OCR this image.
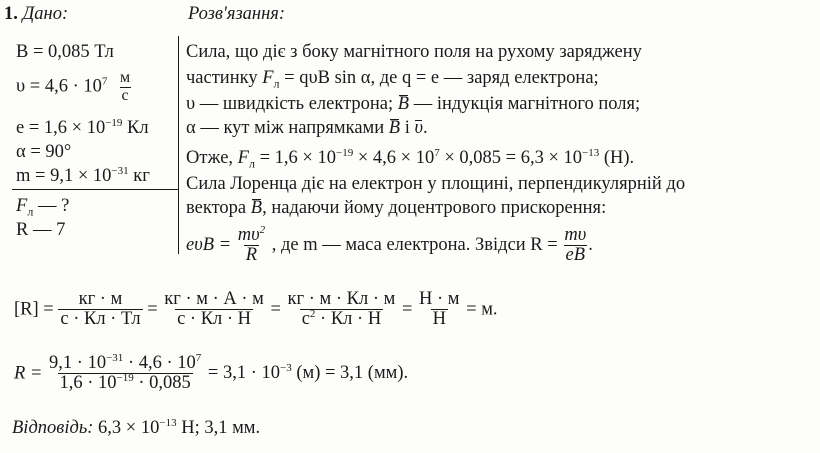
1. Дано:	Розв'язання:
B = 0,085 Тл
$\upsilon = 4,6 \cdot 10^7 \frac{м}{с}$
$e = 1,6 \times 10^{-19}$ Кл
α = 90°
$m = 9,1 \times 10^{-31}$ кг
$F_л$ — ?
R — 7
Сила, що діє з боку магнітного поля на рухому заряджену
частинку $F_л = q\upsilon B$ sin α, де q = e — заряд електрона;
υ — швидкість електрона; B — індукція магнітного поля;
α — кут між напрямками B і υ.
Отже, $F_л = 1,6 \times 10^{-19} \times 4,6 \times 10^7 \times 0,085 = 6,3 \times 10^{-13}$ (Н).
Сила Лоренца діє на електрон у площині, перпендикулярній до
вектора B, надаючи йому доцентрового прискорення:
$e\upsilon B = \frac{m\upsilon^2}{R}$ , де m — маса електрона. Звідси $R = \frac{m\upsilon}{eB}$ .
$[R] = \frac{кг \cdot м}{с \cdot Кл \cdot Тл} = \frac{кг \cdot м \cdot А \cdot м}{с \cdot Кл \cdot Н} = \frac{кг \cdot м \cdot Кл \cdot м}{с^2 \cdot Кл \cdot Н} = \frac{Н \cdot м}{Н} = м$.
$R = \frac{9,1 \cdot 10^{-31} \cdot 4,6 \cdot 10^7}{1,6 \cdot 10^{-19} \cdot 0,085} = 3,1 \cdot 10^{-3}$ (м) = 3,1 (мм).
Відповідь: $6,3 \times 10^{-13}$ Н; 3,1 мм.
